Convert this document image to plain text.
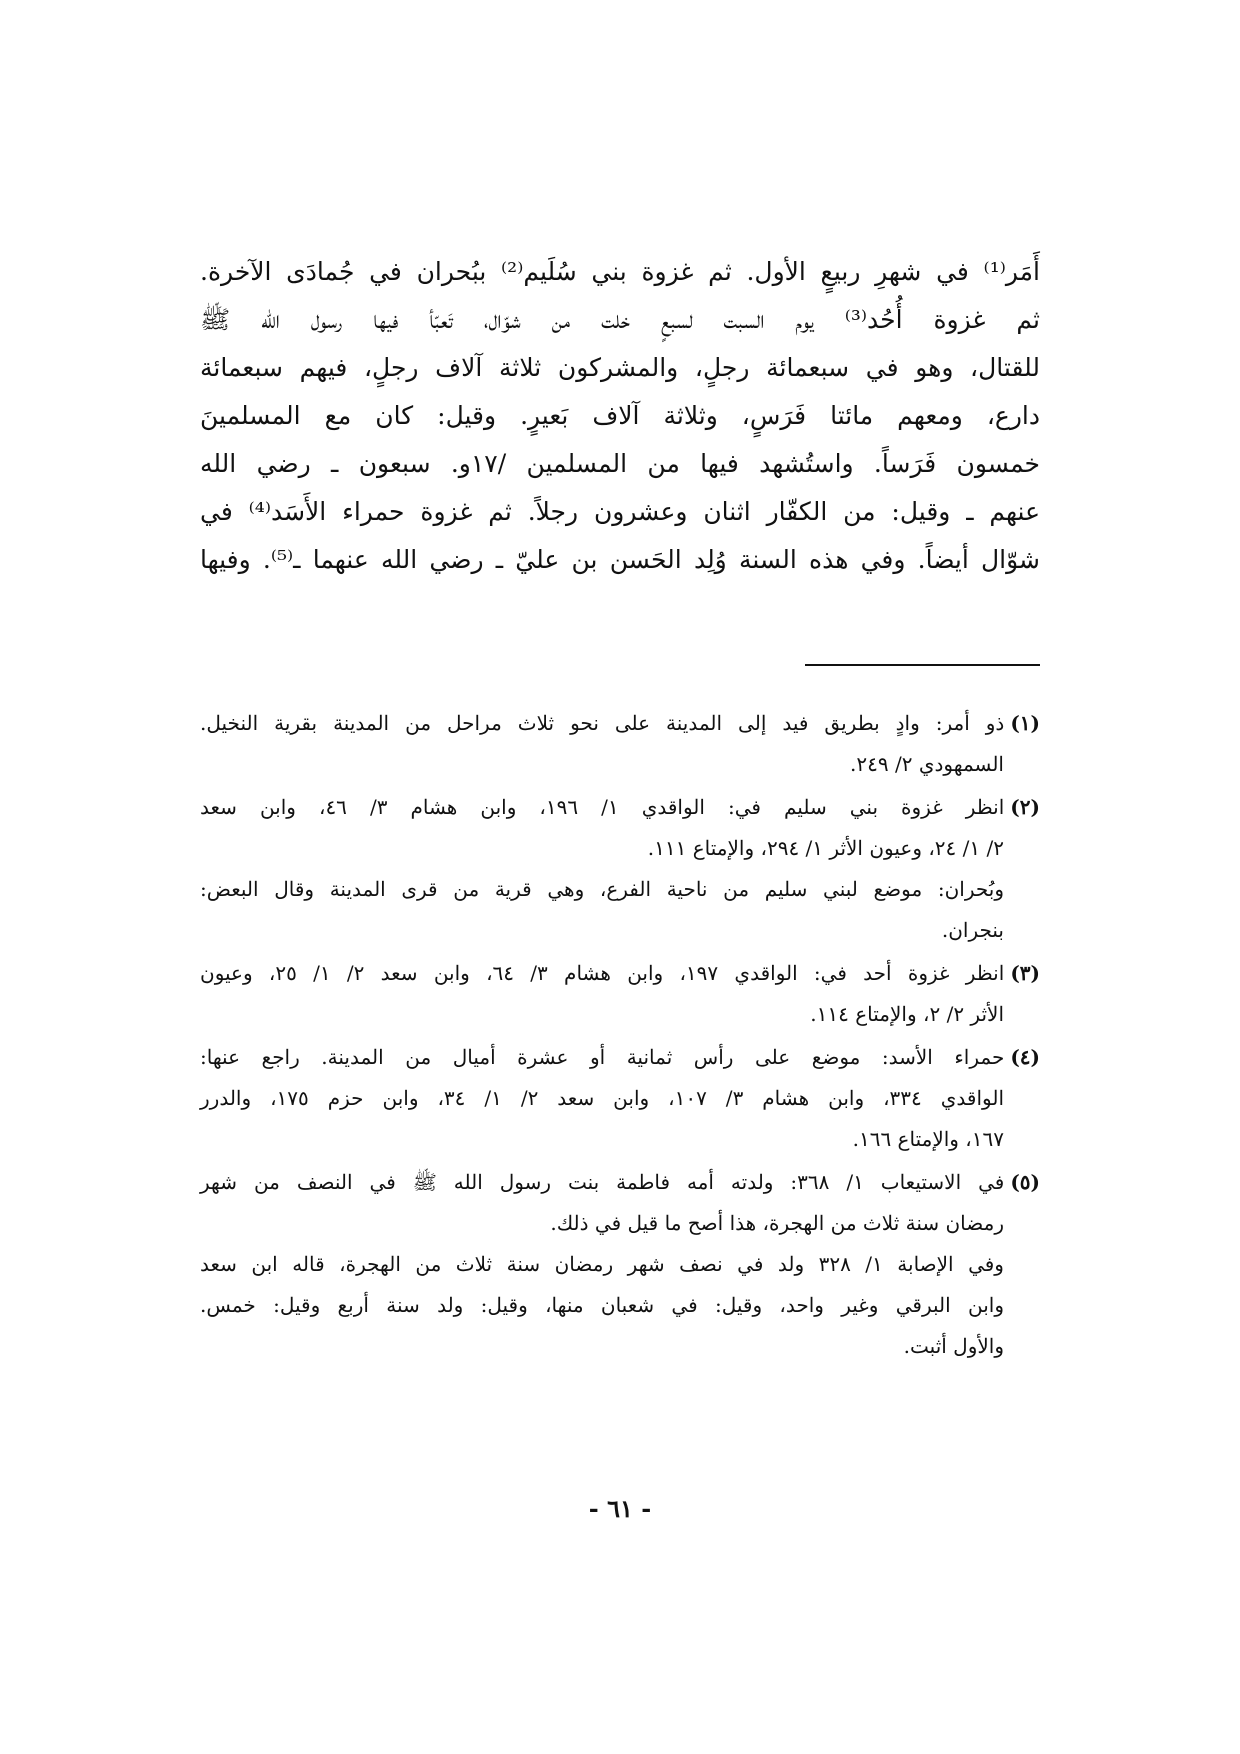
أَمَر⁽¹⁾ في شهرِ ربيعٍ الأول. ثم غزوة بني سُلَيم⁽²⁾ ببُحران في جُمادَى الآخرة.
ثم غزوة أُحُد⁽³⁾ يوم السبت لسبعٍ خلت من شوّال، تَعبّأ فيها رسول الله ﷺ
للقتال، وهو في سبعمائة رجلٍ، والمشركون ثلاثة آلاف رجلٍ، فيهم سبعمائة
دارع، ومعهم مائتا فَرَسٍ، وثلاثة آلاف بَعيرٍ. وقيل: كان مع المسلمينَ
خمسون فَرَساً. واستُشهد فيها من المسلمين /١٧و. سبعون ـ رضي الله
عنهم ـ وقيل: من الكفّار اثنان وعشرون رجلاً. ثم غزوة حمراء الأَسَد⁽⁴⁾ في
شوّال أيضاً. وفي هذه السنة وُلِد الحَسن بن عليّ ـ رضي الله عنهما ـ⁽⁵⁾. وفيها
(١)ذو أمر: وادٍ بطريق فيد إلى المدينة على نحو ثلاث مراحل من المدينة بقرية النخيل.
السمهودي ٢/ ٢٤٩.
(٢)انظر غزوة بني سليم في: الواقدي ١/ ١٩٦، وابن هشام ٣/ ٤٦، وابن سعد
٢/ ١/ ٢٤، وعيون الأثر ١/ ٢٩٤، والإمتاع ١١١.
وبُحران: موضع لبني سليم من ناحية الفرع، وهي قرية من قرى المدينة وقال البعض:
بنجران.
(٣)انظر غزوة أحد في: الواقدي ١٩٧، وابن هشام ٣/ ٦٤، وابن سعد ٢/ ١/ ٢٥، وعيون
الأثر ٢/ ٢، والإمتاع ١١٤.
(٤)حمراء الأسد: موضع على رأس ثمانية أو عشرة أميال من المدينة. راجع عنها:
الواقدي ٣٣٤، وابن هشام ٣/ ١٠٧، وابن سعد ٢/ ١/ ٣٤، وابن حزم ١٧٥، والدرر
١٦٧، والإمتاع ١٦٦.
(٥)في الاستيعاب ١/ ٣٦٨: ولدته أمه فاطمة بنت رسول الله ﷺ في النصف من شهر
رمضان سنة ثلاث من الهجرة، هذا أصح ما قيل في ذلك.
وفي الإصابة ١/ ٣٢٨ ولد في نصف شهر رمضان سنة ثلاث من الهجرة، قاله ابن سعد
وابن البرقي وغير واحد، وقيل: في شعبان منها، وقيل: ولد سنة أربع وقيل: خمس.
والأول أثبت.
- ٦١ -
